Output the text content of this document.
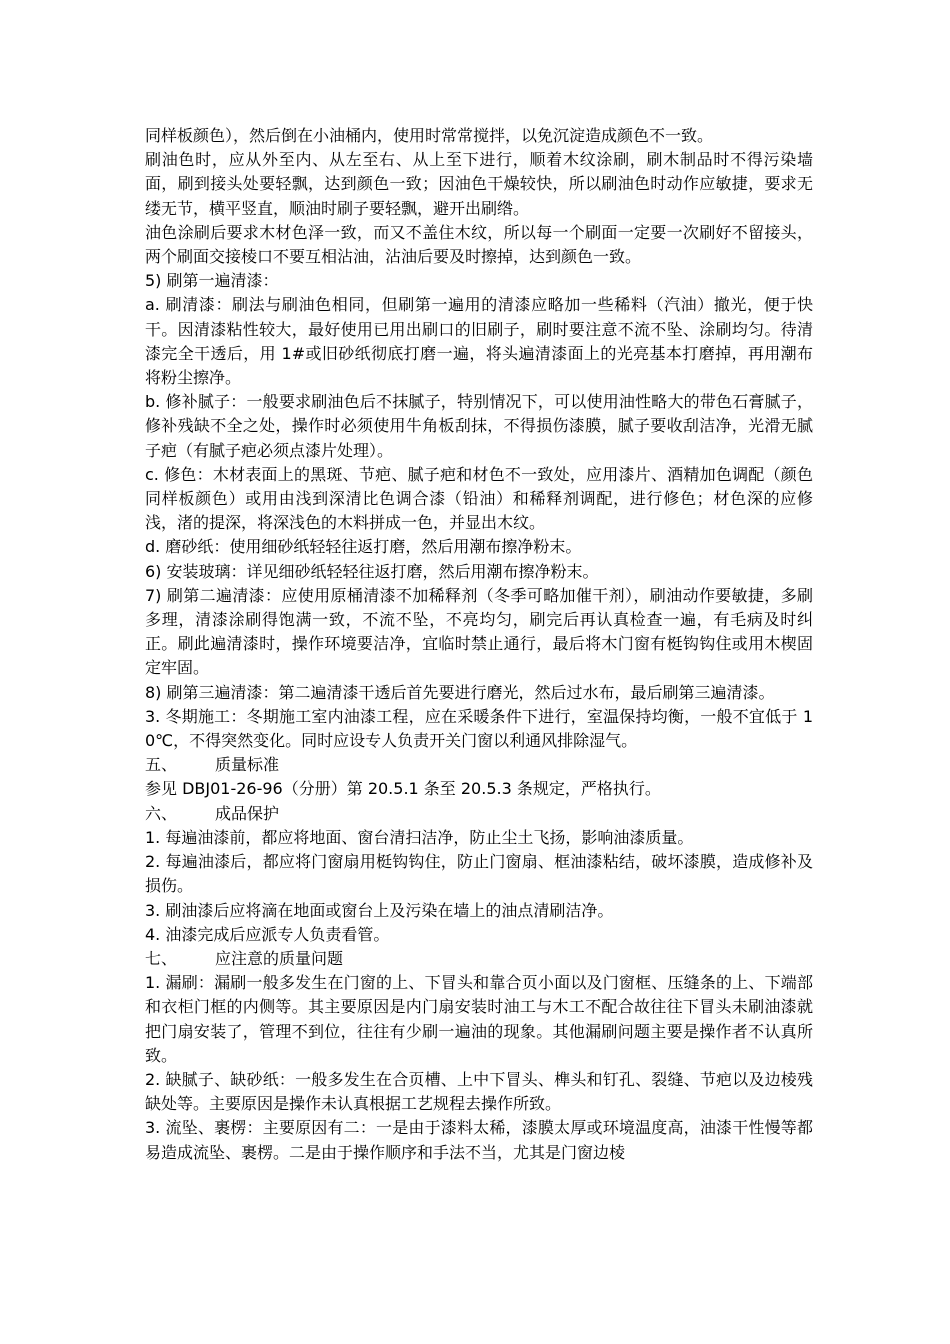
同样板颜色），然后倒在小油桶内，使用时常常搅拌，以免沉淀造成颜色不一致。

刷油色时，应从外至内、从左至右、从上至下进行，顺着木纹涂刷，刷木制品时不得污染墙面，刷到接头处要轻飘，达到颜色一致；因油色干燥较快，所以刷油色时动作应敏捷，要求无缕无节，横平竖直，顺油时刷子要轻飘，避开出刷绺。

油色涂刷后要求木材色泽一致，而又不盖住木纹，所以每一个刷面一定要一次刷好不留接头，两个刷面交接棱口不要互相沾油，沾油后要及时擦掉，达到颜色一致。

5) 刷第一遍清漆：

a. 刷清漆：刷法与刷油色相同，但刷第一遍用的清漆应略加一些稀料（汽油）撤光，便于快干。因清漆粘性较大，最好使用已用出刷口的旧刷子，刷时要注意不流不坠、涂刷均匀。待清漆完全干透后，用 1#或旧砂纸彻底打磨一遍，将头遍清漆面上的光亮基本打磨掉，再用潮布将粉尘擦净。

b. 修补腻子：一般要求刷油色后不抹腻子，特别情况下，可以使用油性略大的带色石膏腻子，修补残缺不全之处，操作时必须使用牛角板刮抹，不得损伤漆膜，腻子要收刮洁净，光滑无腻子疤（有腻子疤必须点漆片处理）。

c. 修色：木材表面上的黑斑、节疤、腻子疤和材色不一致处，应用漆片、酒精加色调配（颜色同样板颜色）或用由浅到深清比色调合漆（铅油）和稀释剂调配，进行修色；材色深的应修浅，渚的提深，将深浅色的木料拼成一色，并显出木纹。

d. 磨砂纸：使用细砂纸轻轻往返打磨，然后用潮布擦净粉末。

6) 安装玻璃：详见细砂纸轻轻往返打磨，然后用潮布擦净粉末。

7) 刷第二遍清漆：应使用原桶清漆不加稀释剂（冬季可略加催干剂），刷油动作要敏捷，多刷多理，清漆涂刷得饱满一致，不流不坠，不亮均匀，刷完后再认真检查一遍，有毛病及时纠正。刷此遍清漆时，操作环境要洁净，宜临时禁止通行，最后将木门窗有梃钩钩住或用木楔固定牢固。

8) 刷第三遍清漆：第二遍清漆干透后首先要进行磨光，然后过水布，最后刷第三遍清漆。

3. 冬期施工：冬期施工室内油漆工程，应在采暖条件下进行，室温保持均衡，一般不宜低于 10℃，不得突然变化。同时应设专人负责开关门窗以利通风排除湿气。

五、 质量标准

参见 DBJ01-26-96（分册）第 20.5.1 条至 20.5.3 条规定，严格执行。

六、 成品保护

1. 每遍油漆前，都应将地面、窗台清扫洁净，防止尘土飞扬，影响油漆质量。

2. 每遍油漆后，都应将门窗扇用梃钩钩住，防止门窗扇、框油漆粘结，破坏漆膜，造成修补及损伤。

3. 刷油漆后应将滴在地面或窗台上及污染在墙上的油点清刷洁净。

4. 油漆完成后应派专人负责看管。

七、 应注意的质量问题

1. 漏刷：漏刷一般多发生在门窗的上、下冒头和靠合页小面以及门窗框、压缝条的上、下端部和衣柜门框的内侧等。其主要原因是内门扇安装时油工与木工不配合故往往下冒头未刷油漆就把门扇安装了，管理不到位，往往有少刷一遍油的现象。其他漏刷问题主要是操作者不认真所致。

2. 缺腻子、缺砂纸：一般多发生在合页槽、上中下冒头、榫头和钉孔、裂缝、节疤以及边棱残缺处等。主要原因是操作未认真根据工艺规程去操作所致。

3. 流坠、裹楞：主要原因有二：一是由于漆料太稀，漆膜太厚或环境温度高，油漆干性慢等都易造成流坠、裹楞。二是由于操作顺序和手法不当，尤其是门窗边棱
